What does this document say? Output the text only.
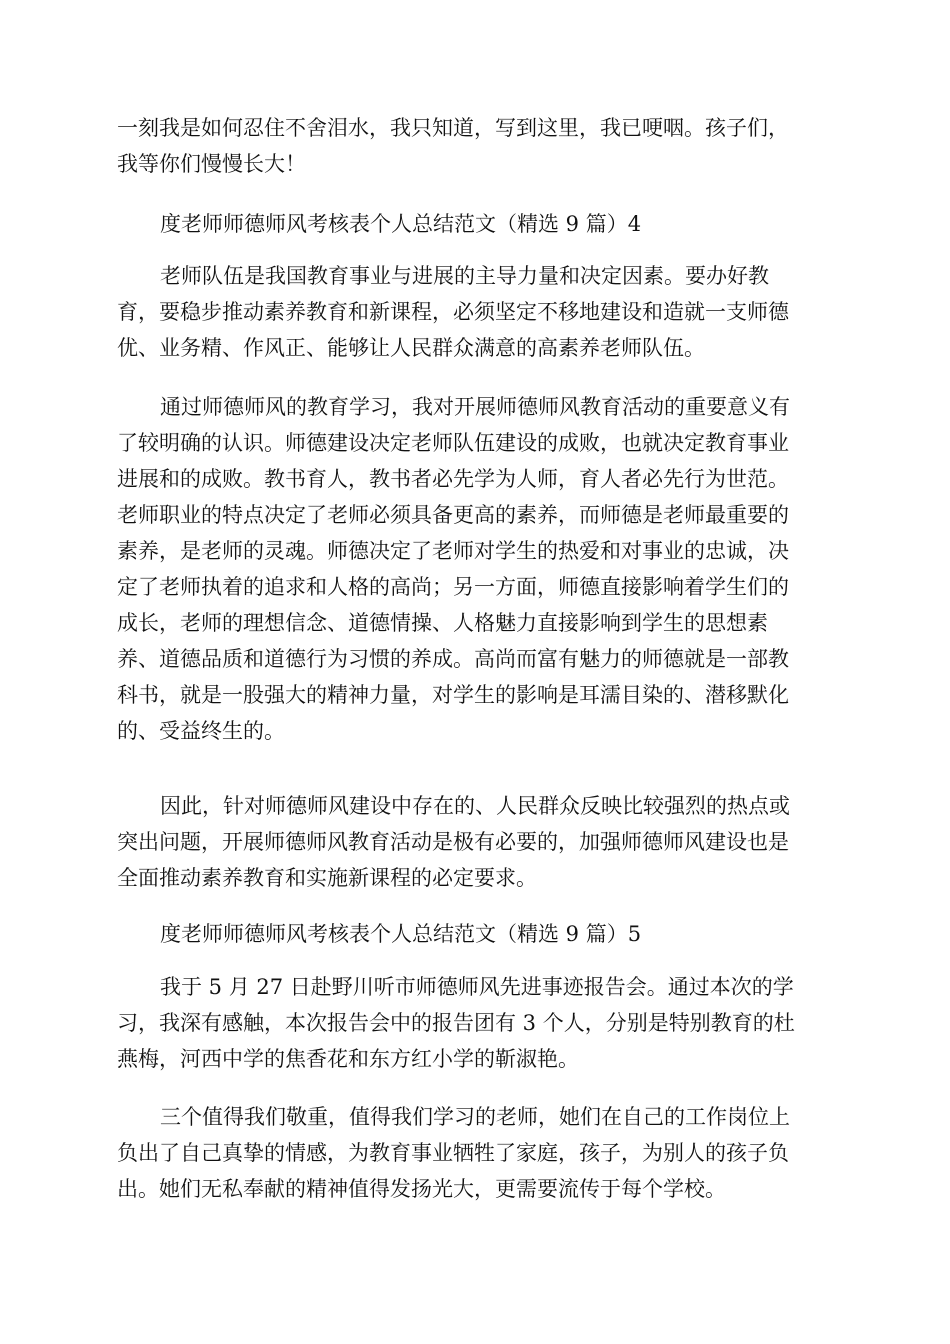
一刻我是如何忍住不舍泪水，我只知道，写到这里，我已哽咽。孩子们，
我等你们慢慢长大！
度老师师德师风考核表个人总结范文（精选 9 篇）4
老师队伍是我国教育事业与进展的主导力量和决定因素。要办好教
育，要稳步推动素养教育和新课程，必须坚定不移地建设和造就一支师德
优、业务精、作风正、能够让人民群众满意的高素养老师队伍。
通过师德师风的教育学习，我对开展师德师风教育活动的重要意义有
了较明确的认识。师德建设决定老师队伍建设的成败，也就决定教育事业
进展和的成败。教书育人，教书者必先学为人师，育人者必先行为世范。
老师职业的特点决定了老师必须具备更高的素养，而师德是老师最重要的
素养，是老师的灵魂。师德决定了老师对学生的热爱和对事业的忠诚，决
定了老师执着的追求和人格的高尚；另一方面，师德直接影响着学生们的
成长，老师的理想信念、道德情操、人格魅力直接影响到学生的思想素
养、道德品质和道德行为习惯的养成。高尚而富有魅力的师德就是一部教
科书，就是一股强大的精神力量，对学生的影响是耳濡目染的、潜移默化
的、受益终生的。
因此，针对师德师风建设中存在的、人民群众反映比较强烈的热点或
突出问题，开展师德师风教育活动是极有必要的，加强师德师风建设也是
全面推动素养教育和实施新课程的必定要求。
度老师师德师风考核表个人总结范文（精选 9 篇）5
我于 5 月 27 日赴野川听市师德师风先进事迹报告会。通过本次的学
习，我深有感触，本次报告会中的报告团有 3 个人，分别是特别教育的杜
燕梅，河西中学的焦香花和东方红小学的靳淑艳。
三个值得我们敬重，值得我们学习的老师，她们在自己的工作岗位上
负出了自己真挚的情感，为教育事业牺牲了家庭，孩子，为别人的孩子负
出。她们无私奉献的精神值得发扬光大，更需要流传于每个学校。
